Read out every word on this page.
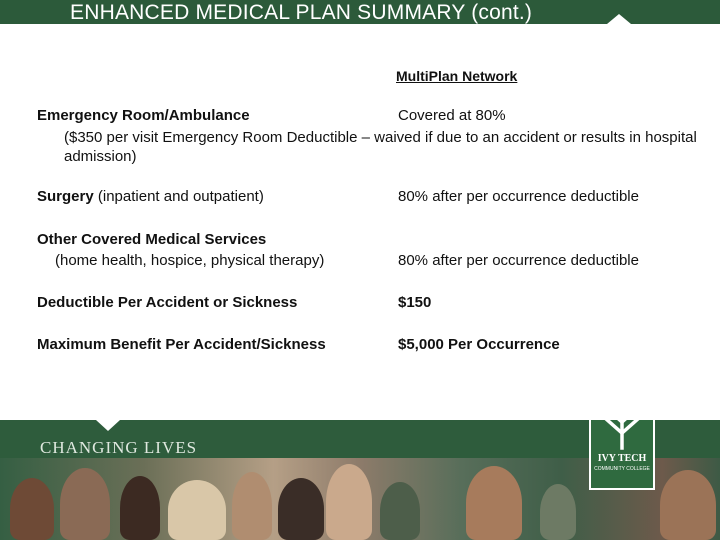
ENHANCED MEDICAL PLAN SUMMARY (cont.)
MultiPlan Network
Emergency Room/Ambulance	Covered at 80%
($350 per visit Emergency Room Deductible – waived if due to an accident or results in hospital admission)
Surgery (inpatient and outpatient)	80% after per occurrence deductible
Other Covered Medical Services
(home health, hospice, physical therapy)	80% after per occurrence deductible
Deductible Per Accident or Sickness	$150
Maximum Benefit Per Accident/Sickness	$5,000 Per Occurrence
CHANGING LIVES
IVY TECH
COMMUNITY COLLEGE
